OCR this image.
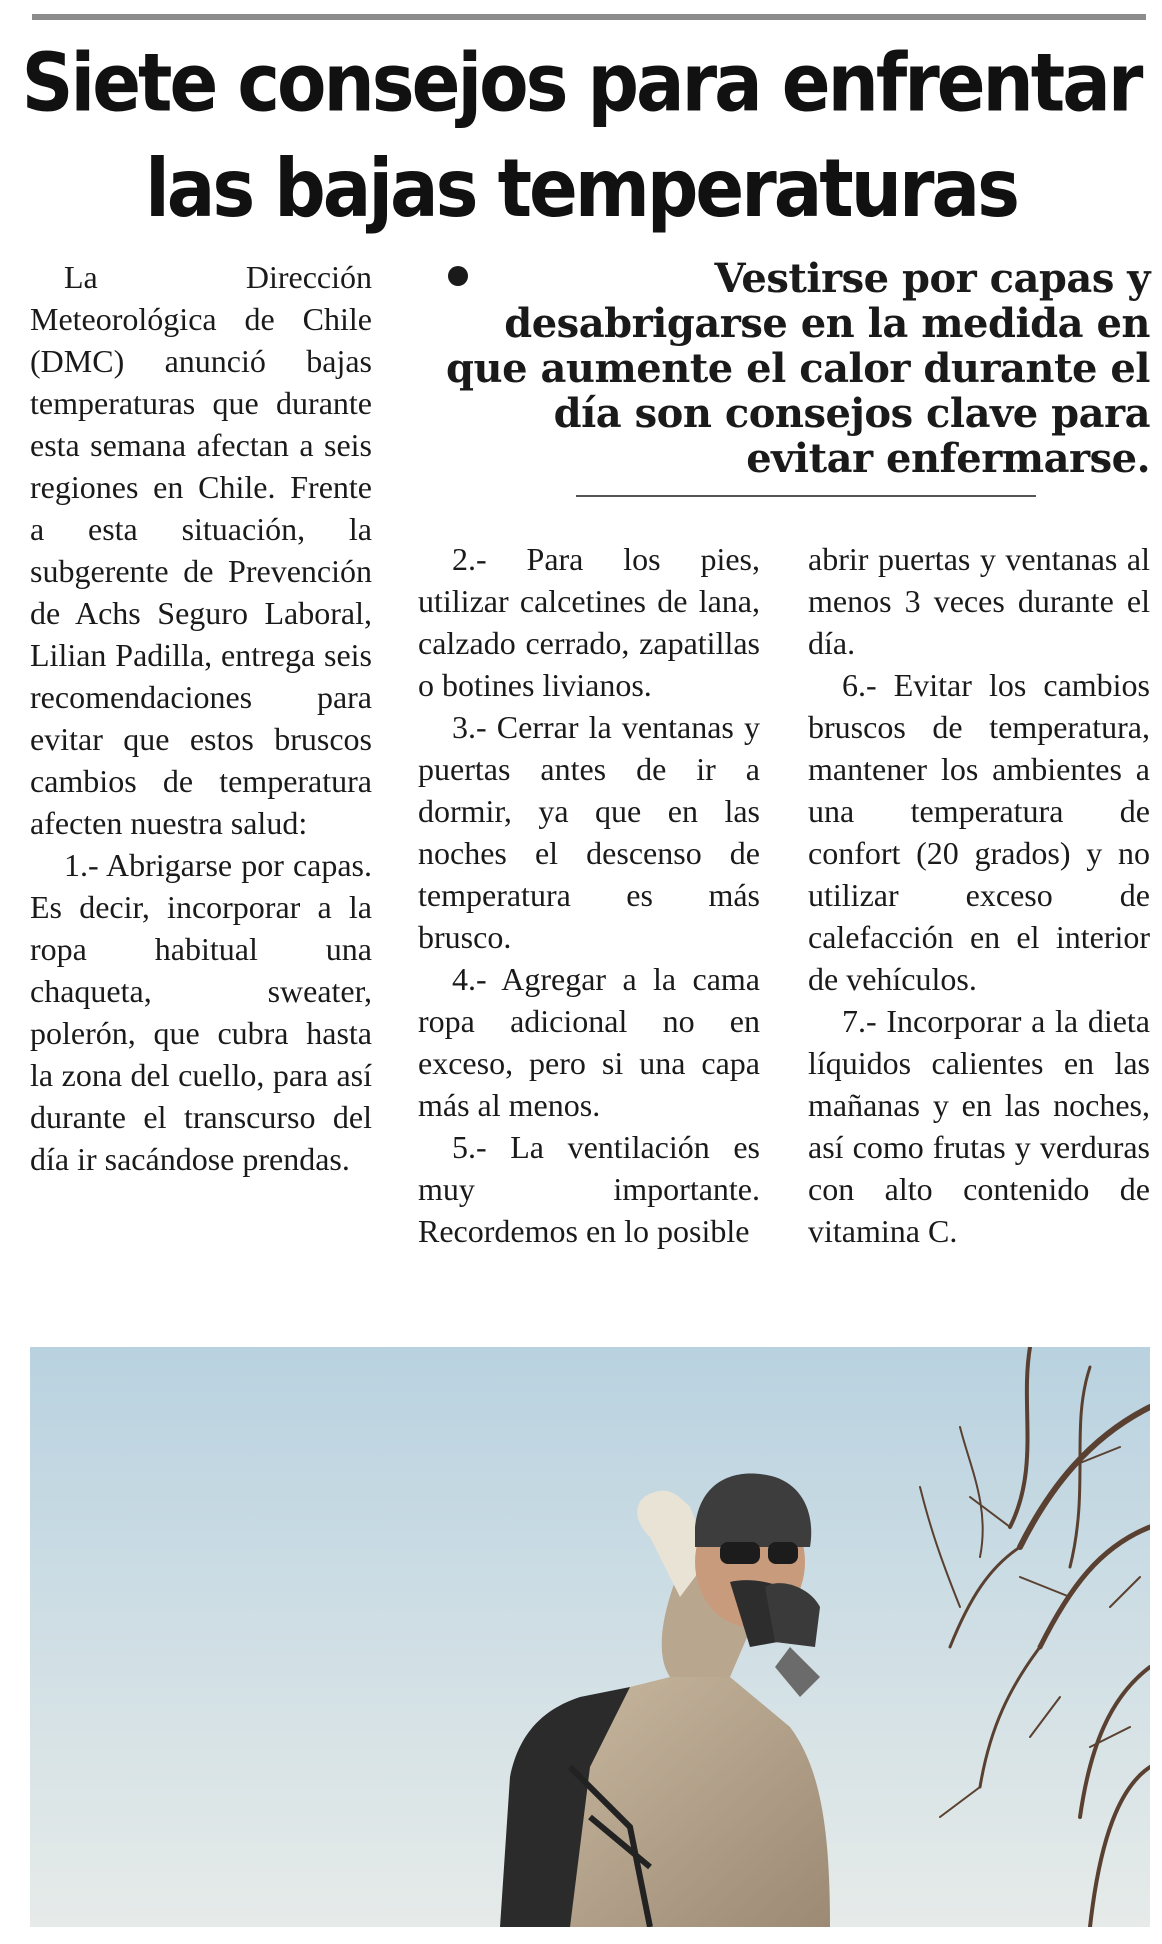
Siete consejos para enfrentar
las bajas temperaturas

La Dirección Meteorológica de Chile (DMC) anunció bajas temperaturas que durante esta semana afectan a seis regiones en Chile. Frente a esta situación, la subgerente de Prevención de Achs Seguro Laboral, Lilian Padilla, entrega seis recomendaciones para evitar que estos bruscos cambios de temperatura afecten nuestra salud:

1.- Abrigarse por capas. Es decir, incorporar a la ropa habitual una chaqueta, sweater, polerón, que cubra hasta la zona del cuello, para así durante el transcurso del día ir sacándose prendas.

Vestirse por capas y desabrigarse en la medida en que aumente el calor durante el día son consejos clave para evitar enfermarse.

2.- Para los pies, utilizar calcetines de lana, calzado cerrado, zapatillas o botines livianos.

3.- Cerrar la ventanas y puertas antes de ir a dormir, ya que en las noches el descenso de temperatura es más brusco.

4.- Agregar a la cama ropa adicional no en exceso, pero si una capa más al menos.

5.- La ventilación es muy importante. Recordemos en lo posible

abrir puertas y ventanas al menos 3 veces durante el día.

6.- Evitar los cambios bruscos de temperatura, mantener los ambientes a una temperatura de confort (20 grados) y no utilizar exceso de calefacción en el interior de vehículos.

7.- Incorporar a la dieta líquidos calientes en las mañanas y en las noches, así como frutas y verduras con alto contenido de vitamina C.
